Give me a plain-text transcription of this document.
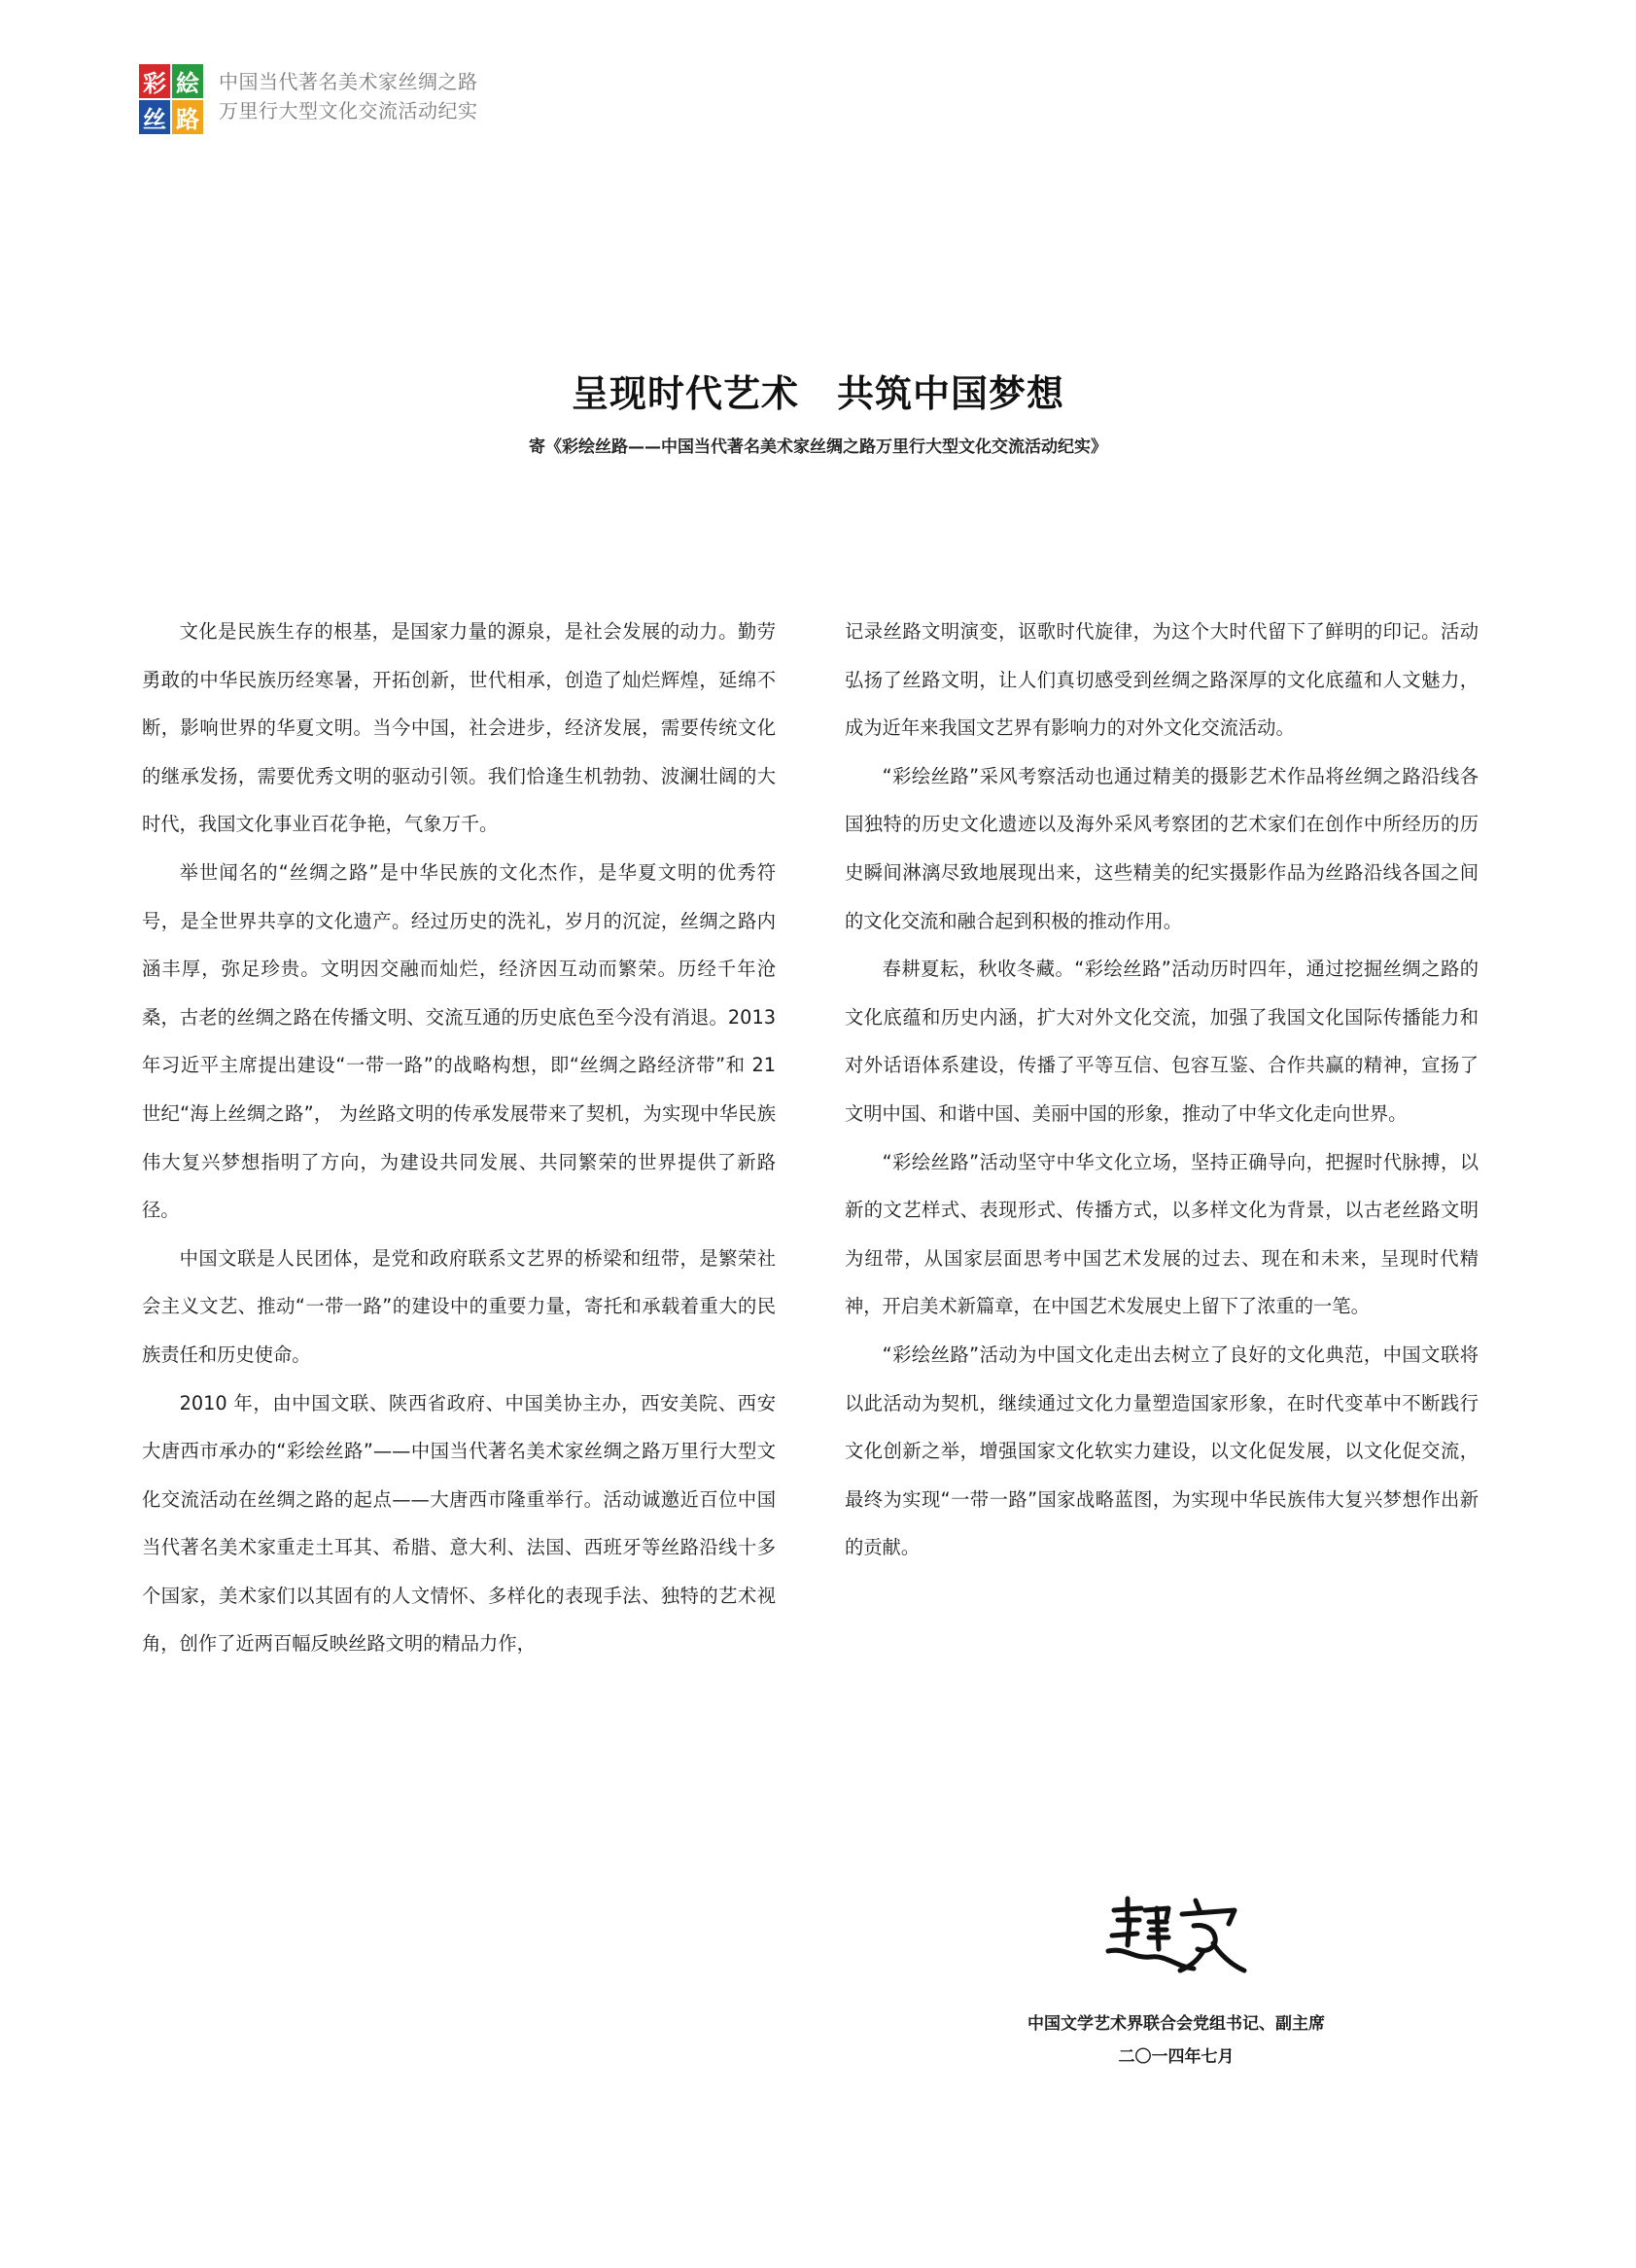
彩 絵
丝 路
中国当代著名美术家丝绸之路
万里行大型文化交流活动纪实
呈现时代艺术　共筑中国梦想
寄《彩绘丝路——中国当代著名美术家丝绸之路万里行大型文化交流活动纪实》

文化是民族生存的根基，是国家力量的源泉，是社会发展的动力。勤劳勇敢的中华民族历经寒暑，开拓创新，世代相承，创造了灿烂辉煌，延绵不断，影响世界的华夏文明。当今中国，社会进步，经济发展，需要传统文化的继承发扬，需要优秀文明的驱动引领。我们恰逢生机勃勃、波澜壮阔的大时代，我国文化事业百花争艳，气象万千。

举世闻名的“丝绸之路”是中华民族的文化杰作，是华夏文明的优秀符号，是全世界共享的文化遗产。经过历史的洗礼，岁月的沉淀，丝绸之路内涵丰厚，弥足珍贵。文明因交融而灿烂，经济因互动而繁荣。历经千年沧桑，古老的丝绸之路在传播文明、交流互通的历史底色至今没有消退。2013 年习近平主席提出建设“一带一路”的战略构想，即“丝绸之路经济带”和 21 世纪“海上丝绸之路”， 为丝路文明的传承发展带来了契机，为实现中华民族伟大复兴梦想指明了方向，为建设共同发展、共同繁荣的世界提供了新路径。

中国文联是人民团体，是党和政府联系文艺界的桥梁和纽带，是繁荣社会主义文艺、推动“一带一路”的建设中的重要力量，寄托和承载着重大的民族责任和历史使命。

2010 年，由中国文联、陕西省政府、中国美协主办，西安美院、西安大唐西市承办的“彩绘丝路”——中国当代著名美术家丝绸之路万里行大型文化交流活动在丝绸之路的起点——大唐西市隆重举行。活动诚邀近百位中国当代著名美术家重走土耳其、希腊、意大利、法国、西班牙等丝路沿线十多个国家，美术家们以其固有的人文情怀、多样化的表现手法、独特的艺术视角，创作了近两百幅反映丝路文明的精品力作，

记录丝路文明演变，讴歌时代旋律，为这个大时代留下了鲜明的印记。活动弘扬了丝路文明，让人们真切感受到丝绸之路深厚的文化底蕴和人文魅力，成为近年来我国文艺界有影响力的对外文化交流活动。

“彩绘丝路”采风考察活动也通过精美的摄影艺术作品将丝绸之路沿线各国独特的历史文化遗迹以及海外采风考察团的艺术家们在创作中所经历的历史瞬间淋漓尽致地展现出来，这些精美的纪实摄影作品为丝路沿线各国之间的文化交流和融合起到积极的推动作用。

春耕夏耘，秋收冬藏。“彩绘丝路”活动历时四年，通过挖掘丝绸之路的文化底蕴和历史内涵，扩大对外文化交流，加强了我国文化国际传播能力和对外话语体系建设，传播了平等互信、包容互鉴、合作共赢的精神，宣扬了文明中国、和谐中国、美丽中国的形象，推动了中华文化走向世界。

“彩绘丝路”活动坚守中华文化立场，坚持正确导向，把握时代脉搏，以新的文艺样式、表现形式、传播方式，以多样文化为背景，以古老丝路文明为纽带，从国家层面思考中国艺术发展的过去、现在和未来，呈现时代精神，开启美术新篇章，在中国艺术发展史上留下了浓重的一笔。

“彩绘丝路”活动为中国文化走出去树立了良好的文化典范，中国文联将以此活动为契机，继续通过文化力量塑造国家形象，在时代变革中不断践行文化创新之举，增强国家文化软实力建设，以文化促发展，以文化促交流，最终为实现“一带一路”国家战略蓝图，为实现中华民族伟大复兴梦想作出新的贡献。

中国文学艺术界联合会党组书记、副主席
二〇一四年七月
